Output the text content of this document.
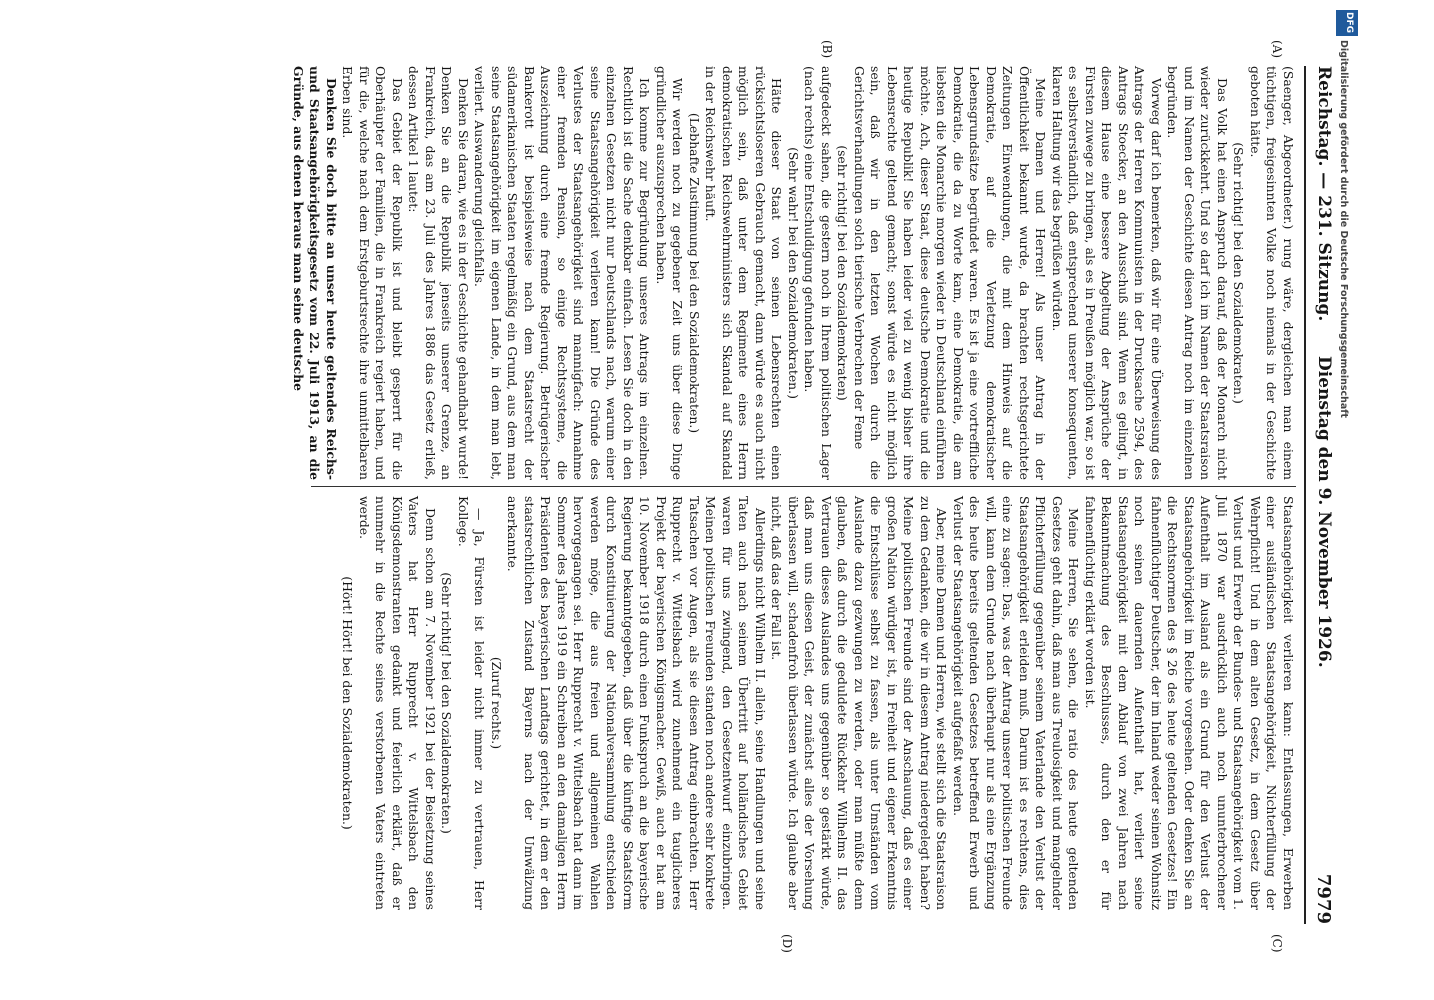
Reichstag. — 231. Sitzung.
Dienstag den 9. November 1926.
7979
(A)
(B)
(C)
(D)

(Saenger, Abgeordneter.) rung wäre, dergleichen man einem tüchtigen, freigesinnten Volke noch niemals in der Geschichte geboten hätte.

(Sehr richtig! bei den Sozialdemokraten.)

Das Volk hat einen Anspruch darauf, daß der Monarch nicht wieder zurückkehrt. Und so darf ich im Namen der Staatsraison und im Namen der Geschichte diesen Antrag noch im einzelnen begründen.

Vorweg darf ich bemerken, daß wir für eine Überweisung des Antrags der Herren Kommunisten in der Drucksache 2594, des Antrags Stoecker, an den Ausschuß sind. Wenn es gelingt, in diesem Hause eine bessere Abgeltung der Ansprüche der Fürsten zuwege zu bringen, als es in Preußen möglich war, so ist es selbstverständlich, daß entsprechend unserer konsequenten, klaren Haltung wir das begrüßen würden.

Meine Damen und Herren! Als unser Antrag in der Öffentlichkeit bekannt wurde, da brachten rechtsgerichtete Zeitungen Einwendungen, die mit dem Hinweis auf die Demokratie, auf die Verletzung demokratischer Lebensgrundsätze begründet waren. Es ist ja eine vortreffliche Demokratie, die da zu Worte kam, eine Demokratie, die am liebsten die Monarchie morgen wieder in Deutschland einführen möchte. Ach, dieser Staat, diese deutsche Demokratie und die heutige Republik! Sie haben leider viel zu wenig bisher ihre Lebensrechte geltend gemacht; sonst würde es nicht möglich sein, daß wir in den letzten Wochen durch die Gerichtsverhandlungen solch tierische Verbrechen der Feme

(sehr richtig! bei den Sozialdemokraten)

aufgedeckt sahen, die gestern noch in Ihrem politischen Lager (nach rechts) eine Entschuldigung gefunden haben.

(Sehr wahr! bei den Sozialdemokraten.)

Hätte dieser Staat von seinen Lebensrechten einen rücksichtsloseren Gebrauch gemacht, dann würde es auch nicht möglich sein, daß unter dem Regimente eines Herrn demokratischen Reichswehrministers sich Skandal auf Skandal in der Reichswehr häuft.

(Lebhafte Zustimmung bei den Sozialdemokraten.)

Wir werden noch zu gegebener Zeit uns über diese Dinge gründlicher auszusprechen haben.

Ich komme zur Begründung unseres Antrags im einzelnen. Rechtlich ist die Sache denkbar einfach. Lesen Sie doch in den einzelnen Gesetzen nicht nur Deutschlands nach, warum einer seine Staatsangehörigkeit verlieren kann! Die Gründe des Verlustes der Staatsangehörigkeit sind mannigfach: Annahme einer fremden Pension, so einige Rechtssysteme, die Auszeichnung durch eine fremde Regierung. Betrügerischer Bankerott ist beispielsweise nach dem Staatsrecht der südamerikanischen Staaten regelmäßig ein Grund, aus dem man seine Staatsangehörigkeit im eigenen Lande, in dem man lebt, verliert. Auswanderung gleichfalls.

Denken Sie daran, wie es in der Geschichte gehandhabt wurde! Denken Sie an die Republik jenseits unserer Grenze, an Frankreich, das am 23. Juli des Jahres 1886 das Gesetz erließ, dessen Artikel 1 lautet:

Das Gebiet der Republik ist und bleibt gesperrt für die Oberhäupter der Familien, die in Frankreich regiert haben, und für die, welche nach dem Erstgeburtsrechte ihre unmittelbaren Erben sind.

Denken Sie doch bitte an unser heute geltendes Reichs- und Staatsangehörigkeitsgesetz vom 22. Juli 1913, an die Gründe, aus denen heraus man seine deutsche

Staatsangehörigkeit verlieren kann: Entlassungen, Erwerben einer ausländischen Staatsangehörigkeit, Nichterfüllung der Wehrpflicht! Und in dem alten Gesetz, in dem Gesetz über Verlust und Erwerb der Bundes- und Staatsangehörigkeit vom 1. Juli 1870 war ausdrücklich auch noch ununterbrochener Aufenthalt im Ausland als ein Grund für den Verlust der Staatsangehörigkeit im Reiche vorgesehen. Oder denken Sie an die Rechtsnormen des § 26 des heute geltenden Gesetzes! Ein fahnenflüchtiger Deutscher, der im Inland weder seinen Wohnsitz noch seinen dauernden Aufenthalt hat, verliert seine Staatsangehörigkeit mit dem Ablauf von zwei Jahren nach Bekanntmachung des Beschlusses, durch den er für fahnenflüchtig erklärt worden ist.

Meine Herren, Sie sehen, die ratio des heute geltenden Gesetzes geht dahin, daß man aus Treulosigkeit und mangelnder Pflichterfüllung gegenüber seinem Vaterlande den Verlust der Staatsangehörigkeit erleiden muß. Darum ist es rechtens, dies eine zu sagen: Das, was der Antrag unserer politischen Freunde will, kann dem Grunde nach überhaupt nur als eine Ergänzung des heute bereits geltenden Gesetzes betreffend Erwerb und Verlust der Staatsangehörigkeit aufgefaßt werden.

Aber, meine Damen und Herren, wie stellt sich die Staatsraison zu dem Gedanken, die wir in diesem Antrag niedergelegt haben? Meine politischen Freunde sind der Anschauung, daß es einer großen Nation würdiger ist, in Freiheit und eigener Erkenntnis die Entschlüsse selbst zu fassen, als unter Umständen vom Auslande dazu gezwungen zu werden, oder man müßte denn glauben, daß durch die geduldete Rückkehr Wilhelms II. das Vertrauen dieses Auslandes uns gegenüber so gestärkt würde, daß man uns diesen Geist, der zunächst alles der Vorsehung überlassen will, schadenfroh überlassen würde. Ich glaube aber nicht, daß das der Fall ist.

Allerdings nicht Wilhelm II. allein, seine Handlungen und seine Taten auch nach seinem Übertritt auf holländisches Gebiet waren für uns zwingend, den Gesetzentwurf einzubringen. Meinen politischen Freunden standen noch andere sehr konkrete Tatsachen vor Augen, als sie diesen Antrag einbrachten. Herr Rupprecht v. Wittelsbach wird zunehmend ein tauglicheres Projekt der bayerischen Königsmacher. Gewiß, auch er hat am 10. November 1918 durch einen Funkspruch an die bayerische Regierung bekanntgegeben, daß über die künftige Staatsform durch Konstituierung der Nationalversammlung entschieden werden möge, die aus freien und allgemeinen Wahlen hervorgegangen sei. Herr Rupprecht v. Wittelsbach hat dann im Sommer des Jahres 1919 ein Schreiben an den damaligen Herrn Präsidenten des bayerischen Landtags gerichtet, in dem er den staatsrechtlichen Zustand Bayerns nach der Umwälzung anerkannte.

(Zuruf rechts.)

— Ja, Fürsten ist leider nicht immer zu vertrauen, Herr Kollege.

(Sehr richtig! bei den Sozialdemokraten.)

Denn schon am 7. November 1921 bei der Beisetzung seines Vaters hat Herr Rupprecht v. Wittelsbach den Königsdemonstranten gedankt und feierlich erklärt, daß er nunmehr in die Rechte seines verstorbenen Vaters eintreten werde.

(Hört! Hört! bei den Sozialdemokraten.)

DFG
Digitalisierung gefördert durch die Deutsche Forschungsgemeinschaft
